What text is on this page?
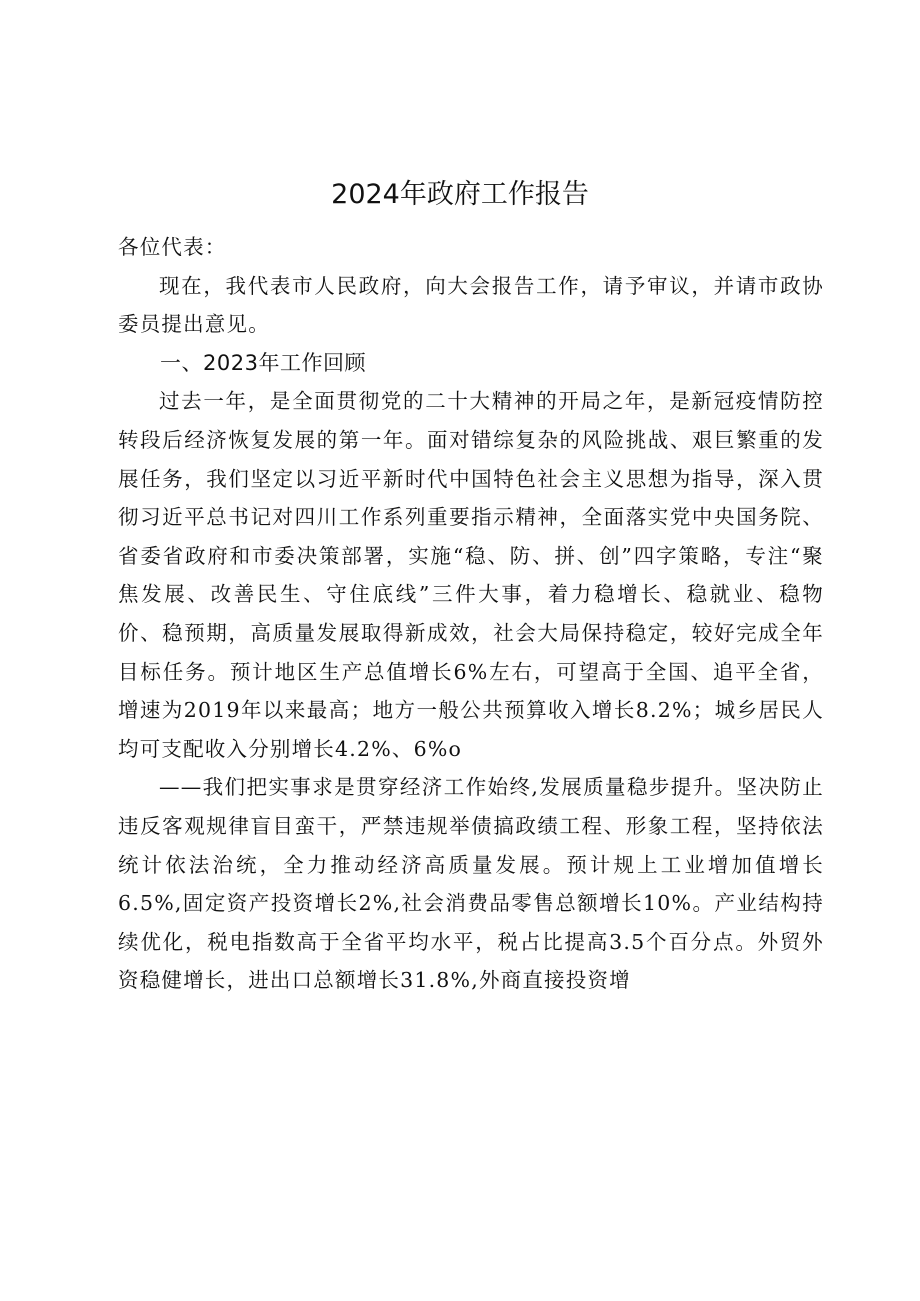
2024年政府工作报告

各位代表：

现在，我代表市人民政府，向大会报告工作，请予审议，并请市政协委员提出意见。

一、2023年工作回顾

过去一年，是全面贯彻党的二十大精神的开局之年，是新冠疫情防控转段后经济恢复发展的第一年。面对错综复杂的风险挑战、艰巨繁重的发展任务，我们坚定以习近平新时代中国特色社会主义思想为指导，深入贯彻习近平总书记对四川工作系列重要指示精神，全面落实党中央国务院、省委省政府和市委决策部署，实施“稳、防、拼、创”四字策略，专注“聚焦发展、改善民生、守住底线”三件大事，着力稳增长、稳就业、稳物价、稳预期，高质量发展取得新成效，社会大局保持稳定，较好完成全年目标任务。预计地区生产总值增长6%左右，可望高于全国、追平全省，增速为2019年以来最高；地方一般公共预算收入增长8.2%；城乡居民人均可支配收入分别增长4.2%、6%o

——我们把实事求是贯穿经济工作始终,发展质量稳步提升。坚决防止违反客观规律盲目蛮干，严禁违规举债搞政绩工程、形象工程，坚持依法统计依法治统，全力推动经济高质量发展。预计规上工业增加值增长6.5%,固定资产投资增长2%,社会消费品零售总额增长10%。产业结构持续优化，税电指数高于全省平均水平，税占比提高3.5个百分点。外贸外资稳健增长，进出口总额增长31.8%,外商直接投资增
